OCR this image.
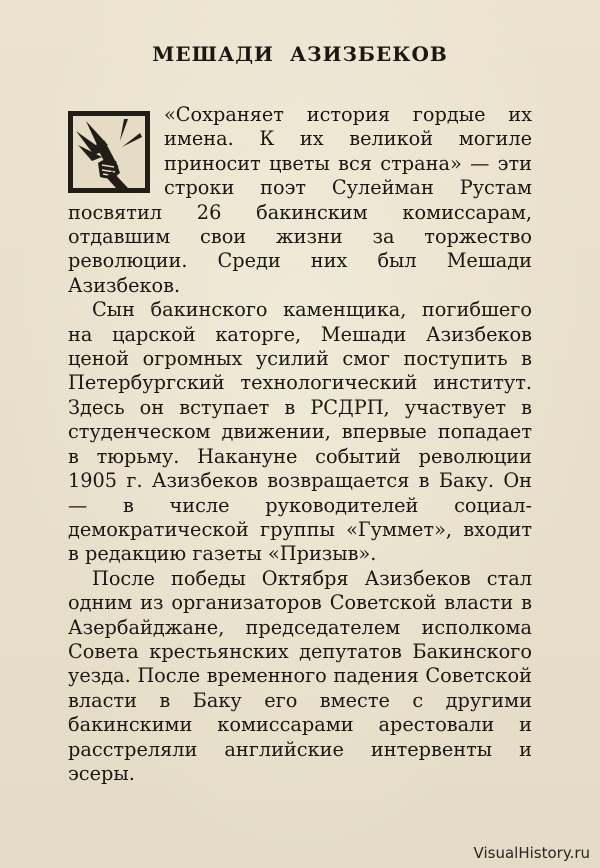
МЕШАДИ АЗИЗБЕКОВ

«Сохраняет история гордые их имена. К их великой могиле приносит цветы вся страна» — эти строки поэт Сулейман Рустам посвятил 26 бакинским комиссарам, отдавшим свои жизни за торжество революции. Среди них был Мешади Азизбеков.

Сын бакинского каменщика, погибшего на царской каторге, Мешади Азизбеков ценой огромных усилий смог поступить в Петербургский технологический институт. Здесь он вступает в РСДРП, участвует в студенческом движении, впервые попадает в тюрьму. Накануне событий революции 1905 г. Азизбеков возвращается в Баку. Он — в числе руководителей социал-демократической группы «Гуммет», входит в редакцию газеты «Призыв».

После победы Октября Азизбеков стал одним из организаторов Советской власти в Азербайджане, председателем исполкома Совета крестьянских депутатов Бакинского уезда. После временного падения Советской власти в Баку его вместе с другими бакинскими комиссарами арестовали и расстреляли английские интервенты и эсеры.

VisualHistory.ru
